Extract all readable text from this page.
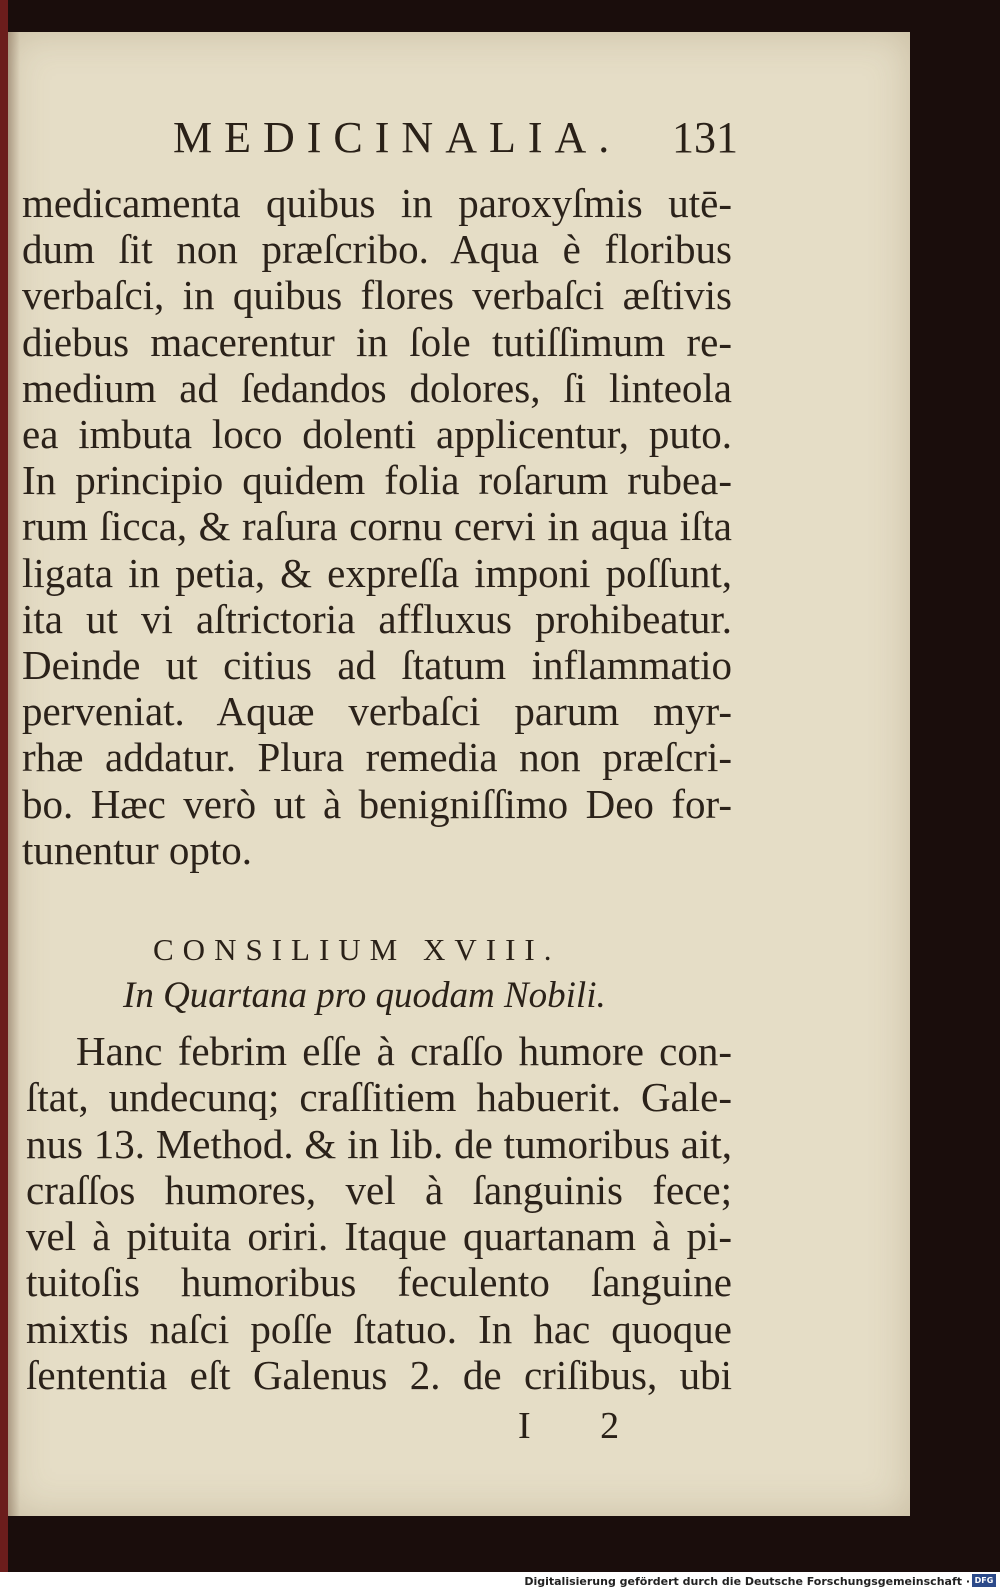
MEDICINALIA. 131
medicamenta quibus in paroxyſmis utē-
dum ſit non præſcribo. Aqua è floribus
verbaſci, in quibus flores verbaſci æſtivis
diebus macerentur in ſole tutiſſimum re-
medium ad ſedandos dolores, ſi linteola
ea imbuta loco dolenti applicentur, puto.
In principio quidem folia roſarum rubea-
rum ſicca, & raſura cornu cervi in aqua iſta
ligata in petia, & expreſſa imponi poſſunt,
ita ut vi aſtrictoria affluxus prohibeatur.
Deinde ut citius ad ſtatum inflammatio
perveniat. Aquæ verbaſci parum myr-
rhæ addatur. Plura remedia non præſcri-
bo. Hæc verò ut à benigniſſimo Deo for-
tunentur opto.
CONSILIUM XVIII.
In Quartana pro quodam Nobili.
Hanc febrim eſſe à craſſo humore con-
ſtat, undecunq; craſſitiem habuerit. Gale-
nus 13. Method. & in lib. de tumoribus ait,
craſſos humores, vel à ſanguinis fece;
vel à pituita oriri. Itaque quartanam à pi-
tuitoſis humoribus feculento ſanguine
mixtis naſci poſſe ſtatuo. In hac quoque
ſententia eſt Galenus 2. de criſibus, ubi
I 2
Digitalisierung gefördert durch die Deutsche Forschungsgemeinschaft · DFG
